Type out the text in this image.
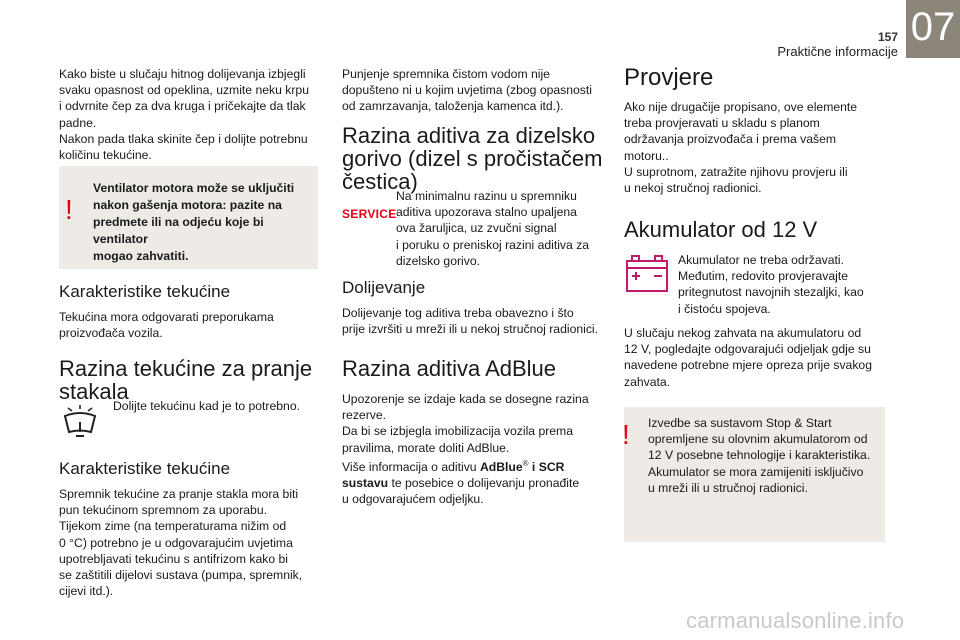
157
Praktične informacije
07

Kako biste u slučaju hitnog dolijevanja izbjegli
svaku opasnost od opeklina, uzmite neku krpu
i odvrnite čep za dva kruga i pričekajte da tlak
padne.
Nakon pada tlaka skinite čep i dolijte potrebnu
količinu tekućine.

!

Ventilator motora može se uključiti
nakon gašenja motora: pazite na
predmete ili na odjeću koje bi ventilator
mogao zahvatiti.

Karakteristike tekućine

Tekućina mora odgovarati preporukama
proizvođača vozila.

Razina tekućine za pranje
stakala

Dolijte tekućinu kad je to potrebno.

Karakteristike tekućine

Spremnik tekućine za pranje stakla mora biti
pun tekućinom spremnom za uporabu.
Tijekom zime (na temperaturama nižim od
0 °C) potrebno je u odgovarajućim uvjetima
upotrebljavati tekućinu s antifrizom kako bi
se zaštitili dijelovi sustava (pumpa, spremnik,
cijevi itd.).

Punjenje spremnika čistom vodom nije
dopušteno ni u kojim uvjetima (zbog opasnosti
od zamrzavanja, taloženja kamenca itd.).

Razina aditiva za dizelsko
gorivo (dizel s pročistačem
čestica)
SERVICE

Na minimalnu razinu u spremniku
aditiva upozorava stalno upaljena
ova žaruljica, uz zvučni signal
i poruku o preniskoj razini aditiva za
dizelsko gorivo.

Dolijevanje

Dolijevanje tog aditiva treba obavezno i što
prije izvršiti u mreži ili u nekoj stručnoj radionici.

Razina aditiva AdBlue

Upozorenje se izdaje kada se dosegne razina
rezerve.
Da bi se izbjegla imobilizacija vozila prema
pravilima, morate doliti AdBlue.
Više informacija o aditivu AdBlue® i SCR
sustavu te posebice o dolijevanju pronađite
u odgovarajućem odjeljku.

Provjere

Ako nije drugačije propisano, ove elemente
treba provjeravati u skladu s planom
održavanja proizvođača i prema vašem
motoru..
U suprotnom, zatražite njihovu provjeru ili
u nekoj stručnoj radionici.

Akumulator od 12 V

Akumulator ne treba održavati.
Međutim, redovito provjeravajte
pritegnutost navojnih stezaljki, kao
i čistoću spojeva.

U slučaju nekog zahvata na akumulatoru od
12 V, pogledajte odgovarajući odjeljak gdje su
navedene potrebne mjere opreza prije svakog
zahvata.

! Izvedbe sa sustavom Stop & Start
opremljene su olovnim akumulatorom od
12 V posebne tehnologije i karakteristika.
Akumulator se mora zamijeniti isključivo
u mreži ili u stručnoj radionici.

carmanualsonline.info
